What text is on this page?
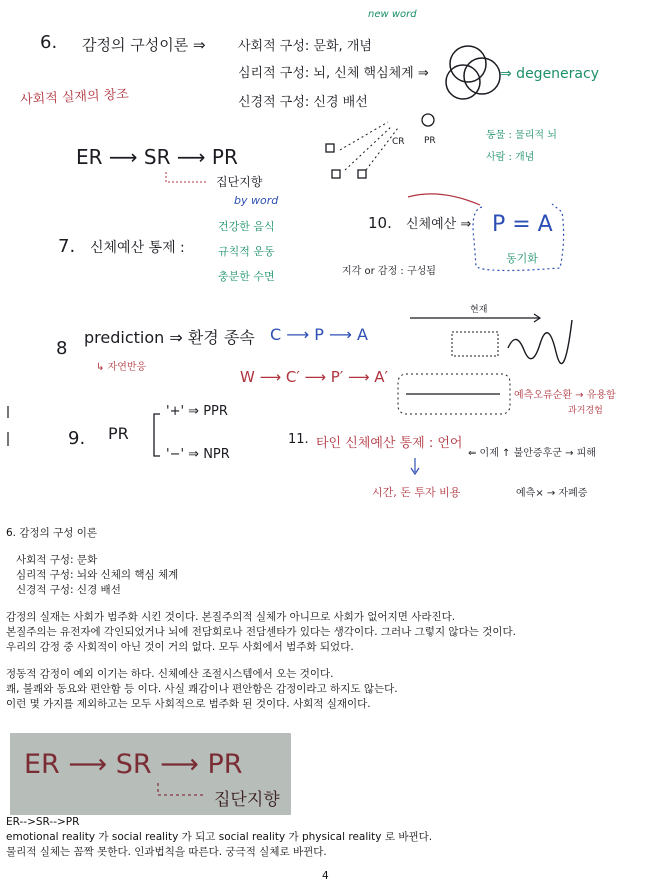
6. 감정의 구성이론 ⇒ 사회적 구성: 문화, 개념
new word
심리적 구성: 뇌, 신체 핵심체계 ⇒
신경적 구성: 신경 배선
⇒ degeneracy
사회적 실재의 창조
ER ⟶ SR ⟶ PR
집단지향
by word
CR PR	동물 : 물리적 뇌
사람 : 개념
7. 신체예산 통제 :
건강한 음식
규칙적 운동
충분한 수면
10. 신체예산 ⇒ P = A
동기화
지각 or 감정 : 구성됨
8
prediction ⇒ 환경 종속 C ⟶ P ⟶ A
W ⟶ C′ ⟶ P′ ⟶ A′
↳ 자연반응
현재
예측오류순환 → 유용함
과거경험
9. PR
'+' ⇒ PPR
'−' ⇒ NPR
11. 타인 신체예산 통제 : 언어
시간, 돈 투자 비용
⇐ 이제 ↑ 불안증후군 → 피해
예측× → 자폐증

6. 감정의 구성 이론

사회적 구성: 문화

심리적 구성: 뇌와 신체의 핵심 체계

신경적 구성: 신경 배선

감정의 실재는 사회가 범주화 시킨 것이다. 본질주의적 실체가 아니므로 사회가 없어지면 사라진다.

본질주의는 유전자에 각인되었거나 뇌에 전담회로나 전담센타가 있다는 생각이다. 그러나 그렇지 않다는 것이다.

우리의 감정 중 사회적이 아닌 것이 거의 없다. 모두 사회에서 범주화 되었다.

정동적 감정이 예외 이기는 하다. 신체예산 조절시스템에서 오는 것이다.

쾌, 불쾌와 동요와 편안함 등 이다. 사실 쾌감이나 편안함은 감정이라고 하지도 않는다.

이런 몇 가지를 제외하고는 모두 사회적으로 범주화 된 것이다. 사회적 실재이다.

ER ⟶ SR ⟶ PR
집단지향

ER-->SR-->PR

emotional reality 가 social reality 가 되고 social reality 가 physical reality 로 바뀐다.

물리적 실체는 꼼짝 못한다. 인과법칙을 따른다. 궁극적 실체로 바뀐다.

4
